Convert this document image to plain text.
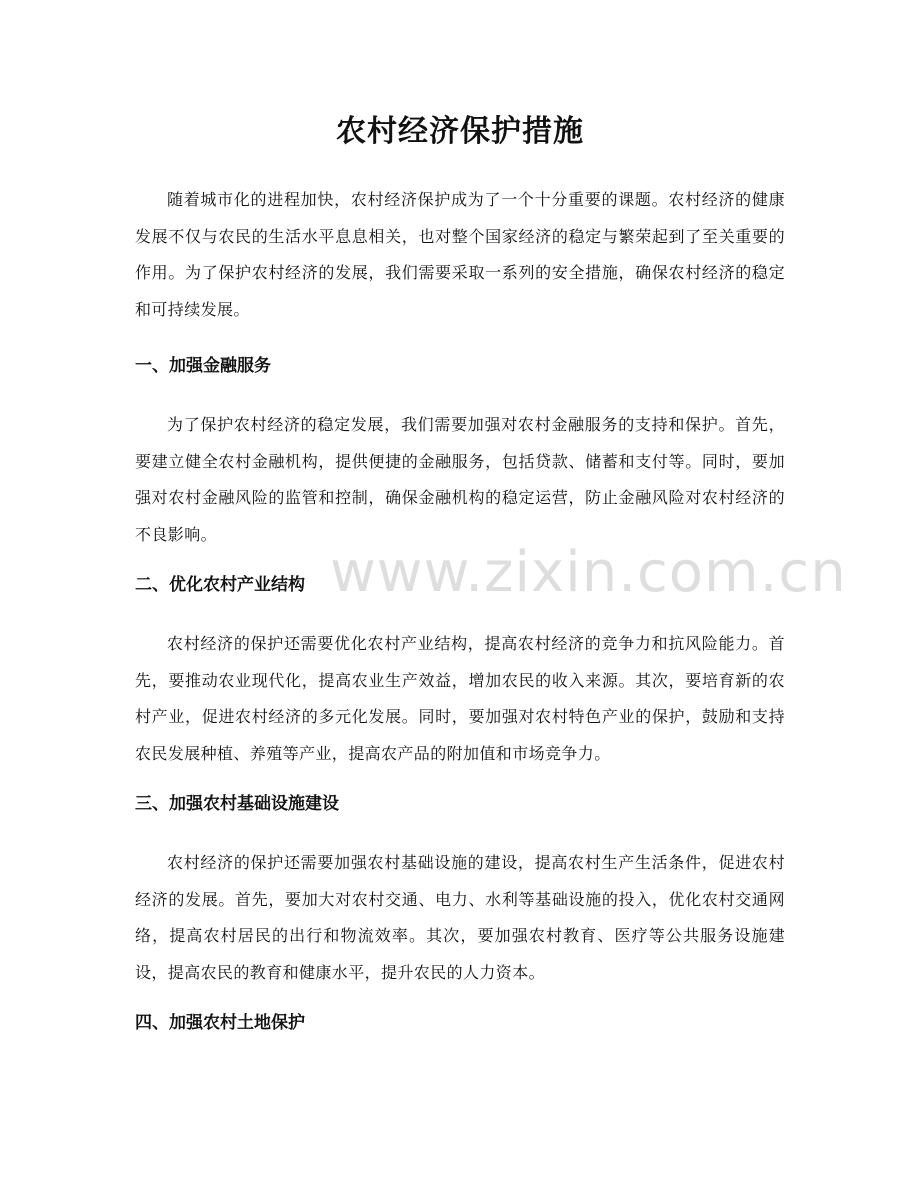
农村经济保护措施

随着城市化的进程加快，农村经济保护成为了一个十分重要的课题。农村经济的健康发展不仅与农民的生活水平息息相关，也对整个国家经济的稳定与繁荣起到了至关重要的作用。为了保护农村经济的发展，我们需要采取一系列的安全措施，确保农村经济的稳定和可持续发展。

一、加强金融服务

为了保护农村经济的稳定发展，我们需要加强对农村金融服务的支持和保护。首先，要建立健全农村金融机构，提供便捷的金融服务，包括贷款、储蓄和支付等。同时，要加强对农村金融风险的监管和控制，确保金融机构的稳定运营，防止金融风险对农村经济的不良影响。

二、优化农村产业结构

农村经济的保护还需要优化农村产业结构，提高农村经济的竞争力和抗风险能力。首先，要推动农业现代化，提高农业生产效益，增加农民的收入来源。其次，要培育新的农村产业，促进农村经济的多元化发展。同时，要加强对农村特色产业的保护，鼓励和支持农民发展种植、养殖等产业，提高农产品的附加值和市场竞争力。

三、加强农村基础设施建设

农村经济的保护还需要加强农村基础设施的建设，提高农村生产生活条件，促进农村经济的发展。首先，要加大对农村交通、电力、水利等基础设施的投入，优化农村交通网络，提高农村居民的出行和物流效率。其次，要加强农村教育、医疗等公共服务设施建设，提高农民的教育和健康水平，提升农民的人力资本。

四、加强农村土地保护
www.zixin.com.cn
